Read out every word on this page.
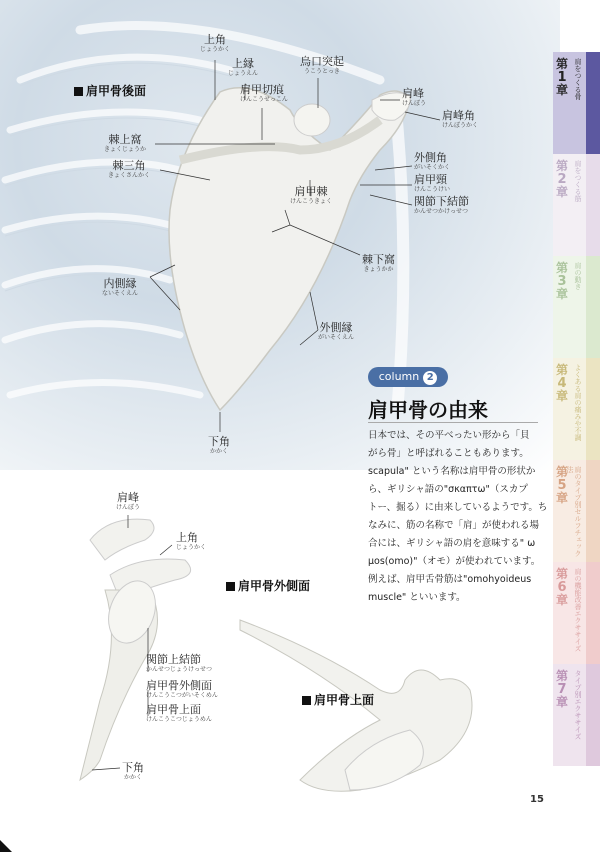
肩甲骨後面
肩甲骨外側面
肩甲骨上面
上角
じょうかく
上縁
じょうえん
肩甲切痕
けんこうせっこん
烏口突起
うこうとっき
肩峰
けんぽう
肩峰角
けんぽうかく
棘上窩
きょくじょうか
棘三角
きょくさんかく
外側角
がいそくかく
肩甲頸
けんこうけい
肩甲棘
けんこうきょく	関節下結節
かんせつかけっせつ
棘下窩
きょうかか
内側縁
ないそくえん
外側縁
がいそくえん
下角
かかく
肩峰
けんぽう
上角
じょうかく
関節上結節
かんせつじょうけっせつ
肩甲骨外側面
けんこうこつがいそくめん
肩甲骨上面
けんこうこつじょうめん
下角
かかく
column 2
肩甲骨の由来
日本では、その平べったい形から「貝
がら骨」と呼ばれることもあります。
scapula" という名称は肩甲骨の形状か
ら、ギリシャ語の"σκαπτω"（スカプ
トー、掘る）に由来しているようです。ち
なみに、筋の名称で「肩」が使われる場
合には、ギリシャ語の肩を意味する" ω
μοs(omo)"（オモ）が使われています。
例えば、肩甲舌骨筋は"omohyoideus
muscle" といいます。
15
第
1
章 肩をつくる骨
第
2
章 肩をつくる筋
第
3
章
肩の動き
第
4
章 よくある肩の痛みや不調
第
5
章 肩のタイプ別セルフチェック法
第
6
章 肩の機能改善エクササイズ
第
7
章 タイプ別エクササイズ
